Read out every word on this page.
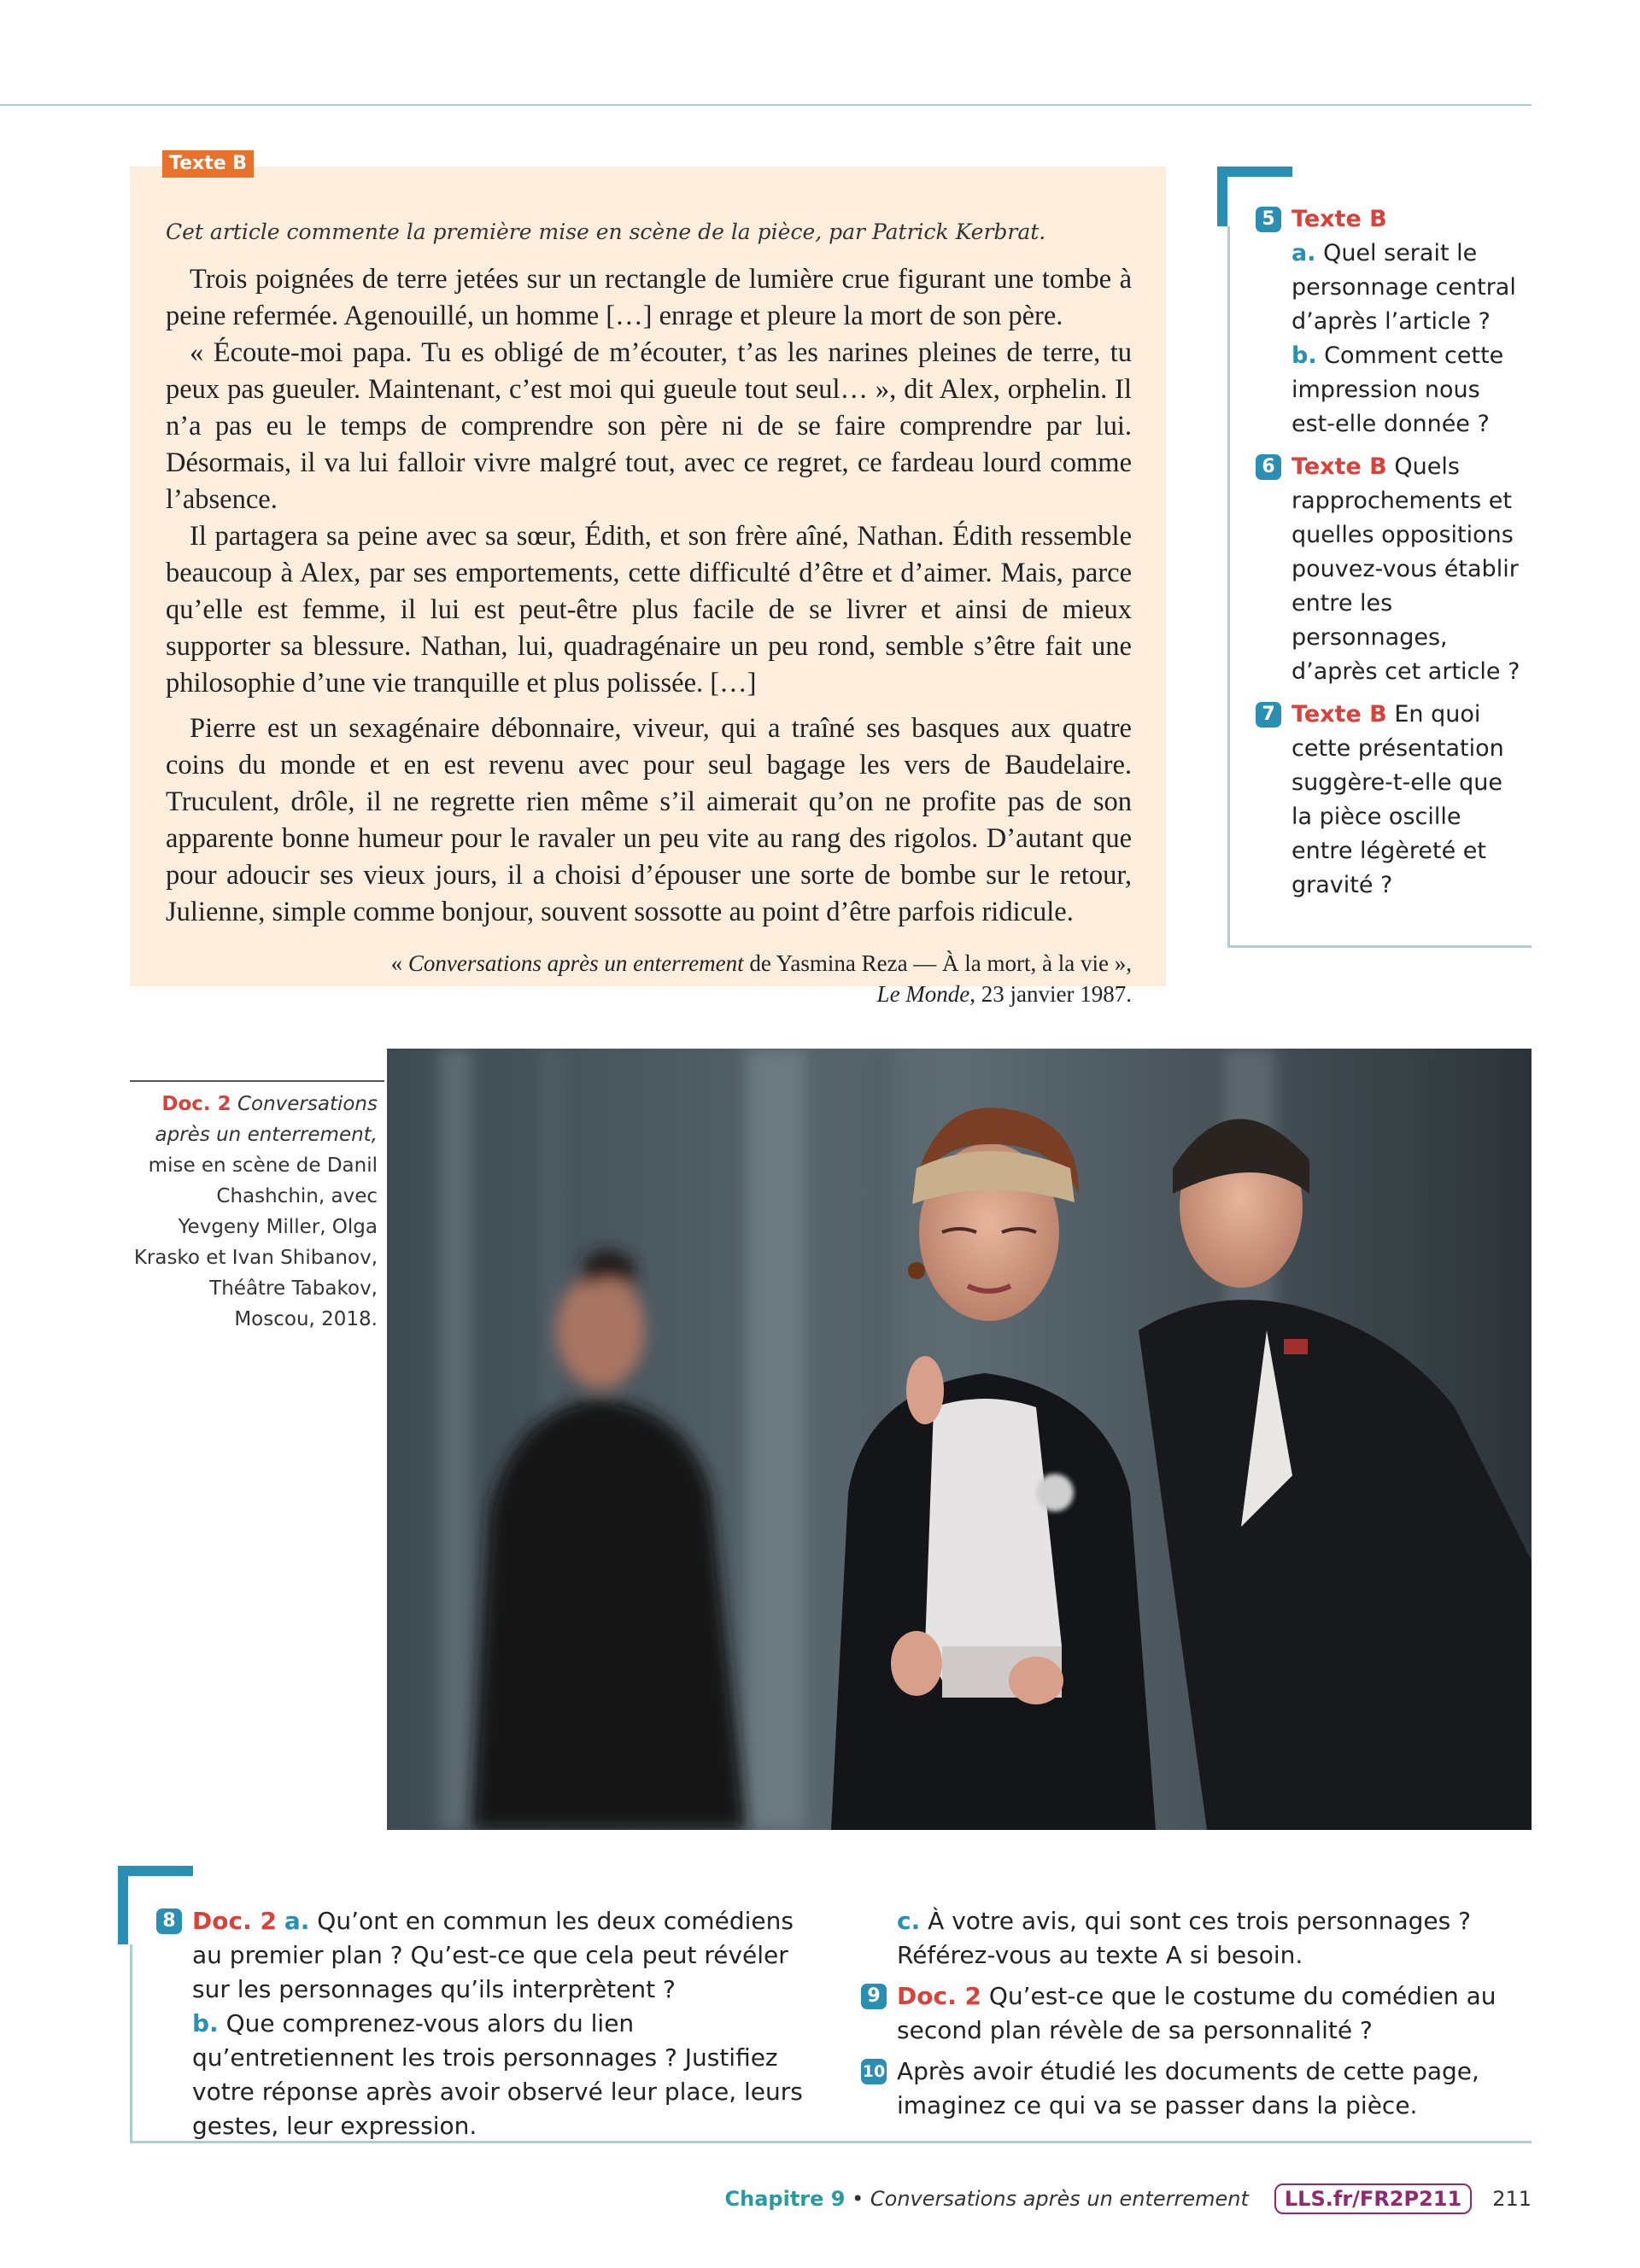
Cet article commente la première mise en scène de la pièce, par Patrick Kerbrat.

Trois poignées de terre jetées sur un rectangle de lumière crue figurant une tombe à peine refermée. Agenouillé, un homme […] enrage et pleure la mort de son père.

« Écoute-moi papa. Tu es obligé de m’écouter, t’as les narines pleines de terre, tu peux pas gueuler. Maintenant, c’est moi qui gueule tout seul… », dit Alex, orphelin. Il n’a pas eu le temps de comprendre son père ni de se faire comprendre par lui. Désormais, il va lui falloir vivre malgré tout, avec ce regret, ce fardeau lourd comme l’absence.

Il partagera sa peine avec sa sœur, Édith, et son frère aîné, Nathan. Édith ressemble beaucoup à Alex, par ses emportements, cette difficulté d’être et d’aimer. Mais, parce qu’elle est femme, il lui est peut-être plus facile de se livrer et ainsi de mieux supporter sa blessure. Nathan, lui, quadragénaire un peu rond, semble s’être fait une philosophie d’une vie tranquille et plus polissée. […]

Pierre est un sexagénaire débonnaire, viveur, qui a traîné ses basques aux quatre coins du monde et en est revenu avec pour seul bagage les vers de Baudelaire. Truculent, drôle, il ne regrette rien même s’il aimerait qu’on ne profite pas de son apparente bonne humeur pour le ravaler un peu vite au rang des rigolos. D’autant que pour adoucir ses vieux jours, il a choisi d’épouser une sorte de bombe sur le retour, Julienne, simple comme bonjour, souvent sossotte au point d’être parfois ridicule.

« Conversations après un enterrement de Yasmina Reza — À la mort, à la vie »,
Le Monde, 23 janvier 1987.
Texte B
5 Texte B
a. Quel serait le personnage central d’après l’article ?
b. Comment cette impression nous est-elle donnée ?
6 Texte B Quels rapprochements et quelles oppositions pouvez-vous établir entre les personnages, d’après cet article ?
7 Texte B En quoi cette présentation suggère-t-elle que la pièce oscille entre légèreté et gravité ?
Doc. 2 Conversations après un enterrement, mise en scène de Danil Chashchin, avec Yevgeny Miller, Olga Krasko et Ivan Shibanov, Théâtre Tabakov, Moscou, 2018.
8 Doc. 2 a. Qu’ont en commun les deux comédiens au premier plan ? Qu’est-ce que cela peut révéler sur les personnages qu’ils interprètent ?
b. Que comprenez-vous alors du lien qu’entretiennent les trois personnages ? Justifiez votre réponse après avoir observé leur place, leurs gestes, leur expression.
c. À votre avis, qui sont ces trois personnages ? Référez-vous au texte A si besoin.
9 Doc. 2 Qu’est-ce que le costume du comédien au second plan révèle de sa personnalité ?
10 Après avoir étudié les documents de cette page, imaginez ce qui va se passer dans la pièce.
Chapitre 9 • Conversations après un enterrement	LLS.fr/FR2P211	211
